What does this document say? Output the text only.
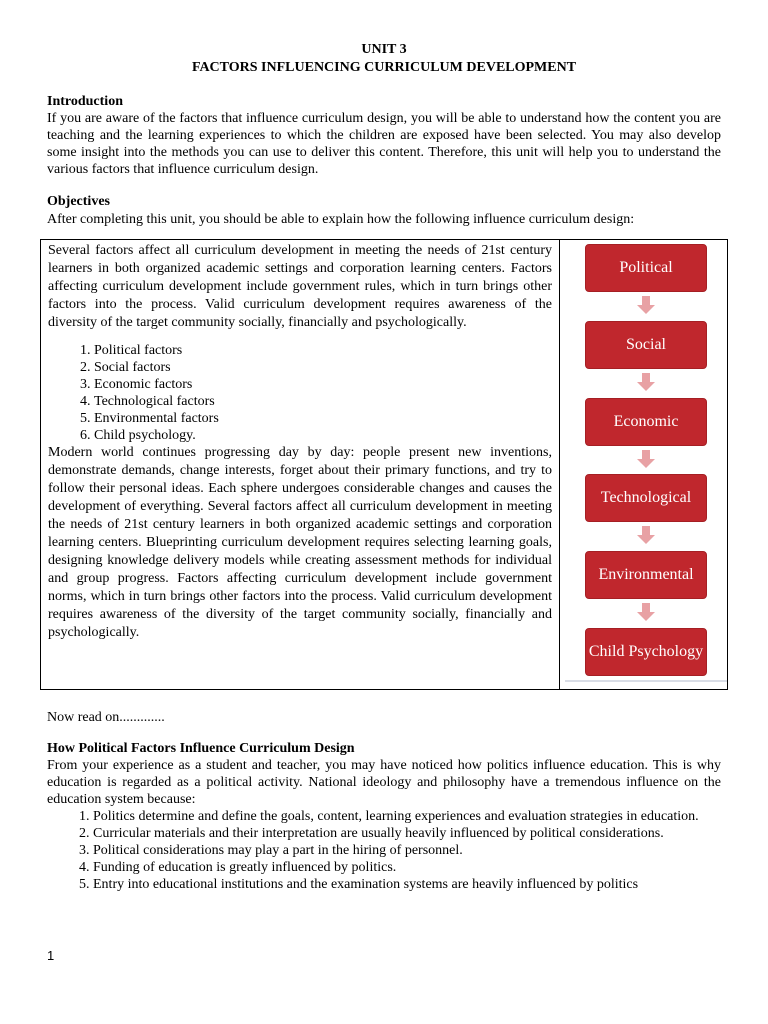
UNIT 3
FACTORS INFLUENCING CURRICULUM DEVELOPMENT
Introduction
If you are aware of the factors that influence curriculum design, you will be able to understand how the content you are teaching and the learning experiences to which the children are exposed have been selected. You may also develop some insight into the methods you can use to deliver this content. Therefore, this unit will help you to understand the various factors that influence curriculum design.
Objectives
After completing this unit, you should be able to explain how the following influence curriculum design:
Several factors affect all curriculum development in meeting the needs of 21st century learners in both organized academic settings and corporation learning centers. Factors affecting curriculum development include government rules, which in turn brings other factors into the process. Valid curriculum development requires awareness of the diversity of the target community socially, financially and psychologically.
1. Political factors
2. Social factors
3. Economic factors
4. Technological factors
5. Environmental factors
6. Child psychology.
Modern world continues progressing day by day: people present new inventions, demonstrate demands, change interests, forget about their primary functions, and try to follow their personal ideas. Each sphere undergoes considerable changes and causes the development of everything. Several factors affect all curriculum development in meeting the needs of 21st century learners in both organized academic settings and corporation learning centers. Blueprinting curriculum development requires selecting learning goals, designing knowledge delivery models while creating assessment methods for individual and group progress. Factors affecting curriculum development include government norms, which in turn brings other factors into the process. Valid curriculum development requires awareness of the diversity of the target community socially, financially and psychologically.
Political
Social
Economic
Technological
Environmental
Child Psychology
Now read on.............
How Political Factors Influence Curriculum Design
From your experience as a student and teacher, you may have noticed how politics influence education. This is why education is regarded as a political activity. National ideology and philosophy have a tremendous influence on the education system because:
1. Politics determine and define the goals, content, learning experiences and evaluation strategies in education.
2. Curricular materials and their interpretation are usually heavily influenced by political considerations.
3. Political considerations may play a part in the hiring of personnel.
4. Funding of education is greatly influenced by politics.
5. Entry into educational institutions and the examination systems are heavily influenced by politics
1
